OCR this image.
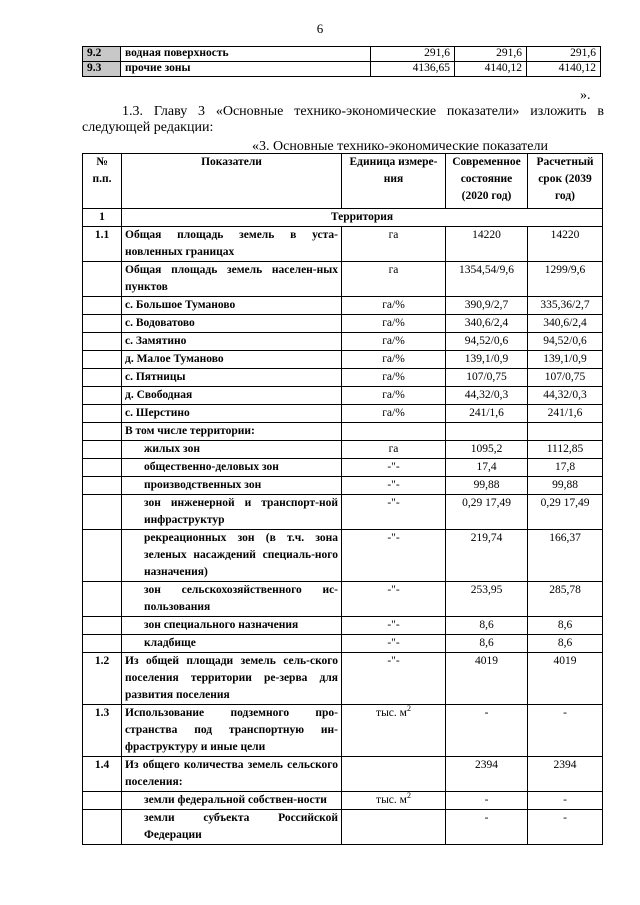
6
9.2	водная поверхность	291,6	291,6	291,6
9.3	прочие зоны	4136,65	4140,12	4140,12
».
1.3. Главу 3 «Основные технико-экономические показатели» изложить в следующей редакции:
«3. Основные технико-экономические показатели
№ п.п.	Показатели	Единица измере-ния	Современное состояние (2020 год)	Расчетный срок (2039 год)
1	Территория			
1.1	Общая площадь земель в уста-новленных границах	га	14220	14220
	Общая площадь земель населен-ных пунктов	га	1354,54/9,6	1299/9,6
	с. Большое Туманово	га/%	390,9/2,7	335,36/2,7
	с. Водоватово	га/%	340,6/2,4	340,6/2,4
	с. Замятино	га/%	94,52/0,6	94,52/0,6
	д. Малое Туманово	га/%	139,1/0,9	139,1/0,9
	с. Пятницы	га/%	107/0,75	107/0,75
	д. Свободная	га/%	44,32/0,3	44,32/0,3
	с. Шерстино	га/%	241/1,6	241/1,6
	В том числе территории:			
	жилых зон	га	1095,2	1112,85
	общественно-деловых зон	-"-	17,4	17,8
	производственных зон	-"-	99,88	99,88
	зон инженерной и транспорт-ной инфраструктур	-"-	0,29 17,49	0,29 17,49
	рекреационных зон (в т.ч. зона зеленых насаждений специаль-ного назначения)	-"-	219,74	166,37
	зон сельскохозяйственного ис-пользования	-"-	253,95	285,78
	зон специального назначения	-"-	8,6	8,6
	кладбище	-"-	8,6	8,6
1.2	Из общей площади земель сель-ского поселения территории ре-зерва для развития поселения	-"-	4019	4019
1.3	Использование подземного про-странства под транспортную ин-фраструктуру и иные цели	тыс. $м^2$	-	-
1.4	Из общего количества земель сельского поселения:		2394	2394
	земли федеральной собствен-ности	тыс. $м^2$	-	-
	земли субъекта Российской Федерации		-	-
